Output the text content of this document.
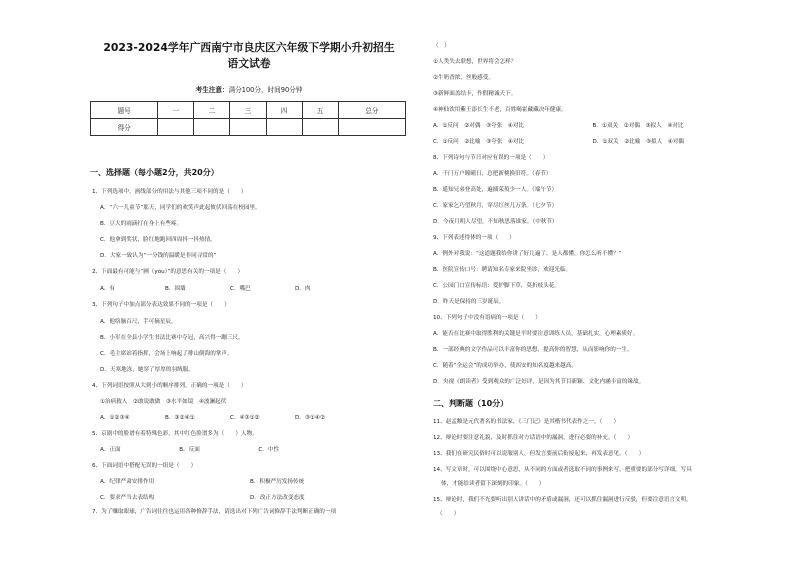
2023-2024学年广西南宁市良庆区六年级下学期小升初招生
语文试卷
考生注意：满分100分，时间90分钟
题号	一	二	三	四	五	总分
得分						
一、选择题（每小题2分，共20分）
1、下列选项中，画线部分的用法与其他三项不同的是（　　）
A．“六一儿童节”那天，同学们的欢笑声此起彼伏回荡在校园里。
B．豆大的雨滴打在身上有些疼。
C．他拿到奖状，脸红地跑回四周抖一抖热情。
D．大家一致认为“一分钱的温暖是非同寻常的”
2、下面最有可能与“圃（yòu）”的意思有关的一项是（　　）
A．有	B．围墙	C．嘴巴	D．肉
3、下列句子中加点部分表达效果不同的一项是（　　）
A．他络脑百尺，手可摘星辰。
B．小军在全县小学生书法比赛中夺冠，高兴得一蹦三尺。
C．毛主席站着指挥，会场上响起了排山倒海的掌声。
D．天寒地冻，她穿了厚厚的羽绒服。
4、下列词语按照从大到小的顺序排列，正确的一项是（　　）
①治病救人　②敢说敢做　③水平如镜　④波澜起伏
A．①②③④	B．③②④①	C．④③①②	D．③①④②
5、京剧中的脸谱有着特殊色彩，其中红色脸谱多为（　　）人物。
A．正面	B．反面	C．中性
6、下面词语中搭配无误的一组是（　　）
A．纪律严肃安排作用	B．积极严厉发扬传统
C．要求严当去表结构	D．改正方法改变态度
7、为了赚取眼球，广告词往往也运用各种修辞手法，请选出对下列广告词修辞手法判断正确的一项
（　）
①人类失去联想，世界将会怎样？
②牛奶香浓，丝般感受。
③新鲜面盖结卡，作假精诚天下。
④神仙饮用紫王添长生不老，百姓喝霍藏藏决年健康。
A．①反问　②对偶　③夸张　④对比	B．①双关　②对偶　③拟人　④对比
C．①反问　②比喻　③夸张　④对比	D．①双关　②比喻　③拟人　④对偶
8、下列诗句与节日对应有误的一项是（　　）
A．千门万户曈曈日，总把新桃换旧符。（春节）
B．遥知兄弟登高处，遍插茱萸少一人。（端午节）
C．家家乞巧望秋月，穿尽红丝几万条。（七夕节）
D．今夜月明人尽望，不知秋思落谁家。（中秋节）
9、下列表述得体的一项（　　）
A．例外对我说：“这道题我给你讲了好几遍了，是人都懂，你怎么听不懂？”
B．医院宣传口号：聘请知名专家来院坐诊，欢迎光临。
C．公园门口宣传标语：爱护脚下草，莫折枝头花。
D．昨天是保持的三岁诞辰。
10、下列句子中没有语病的一项是（　　）
A．能否在比赛中取得胜利的关键是平时要注意训练人员，基础扎实，心理素质好。
B．一部经典的文学作品可以丰富你的思想，提高你的智慧，从而影响你的一生。
C．随着“全运会”的成功举办，使西安的知名度越来越高。
D．央视《朗读者》受到观众的广泛好评，是因为其节目新颖、文化内涵丰富的缘故。
二、判断题（10分）
11、赵孟頫是元代著名的书法家，《三门记》是其楷书代表作之一。（　　）
12、辩论时要注意礼貌，及时抓住对方话语中的漏洞，进行必要的补充。（　　）
13、我们在研究民俗时可以说服别人，但发言要前后衔接起来，再发表意见。（　　）
14、写文章时，可以围绕中心意思，从不同的方面或者选取不同的事例来写，把重要的部分写详细，写具
体，才能给读者留下深刻的印象。（　　）
15、辩论时，我们不光要听出别人讲话中的矛盾或漏洞，还可以抓住漏洞进行反驳，但要注意语言文明。
（　　）
